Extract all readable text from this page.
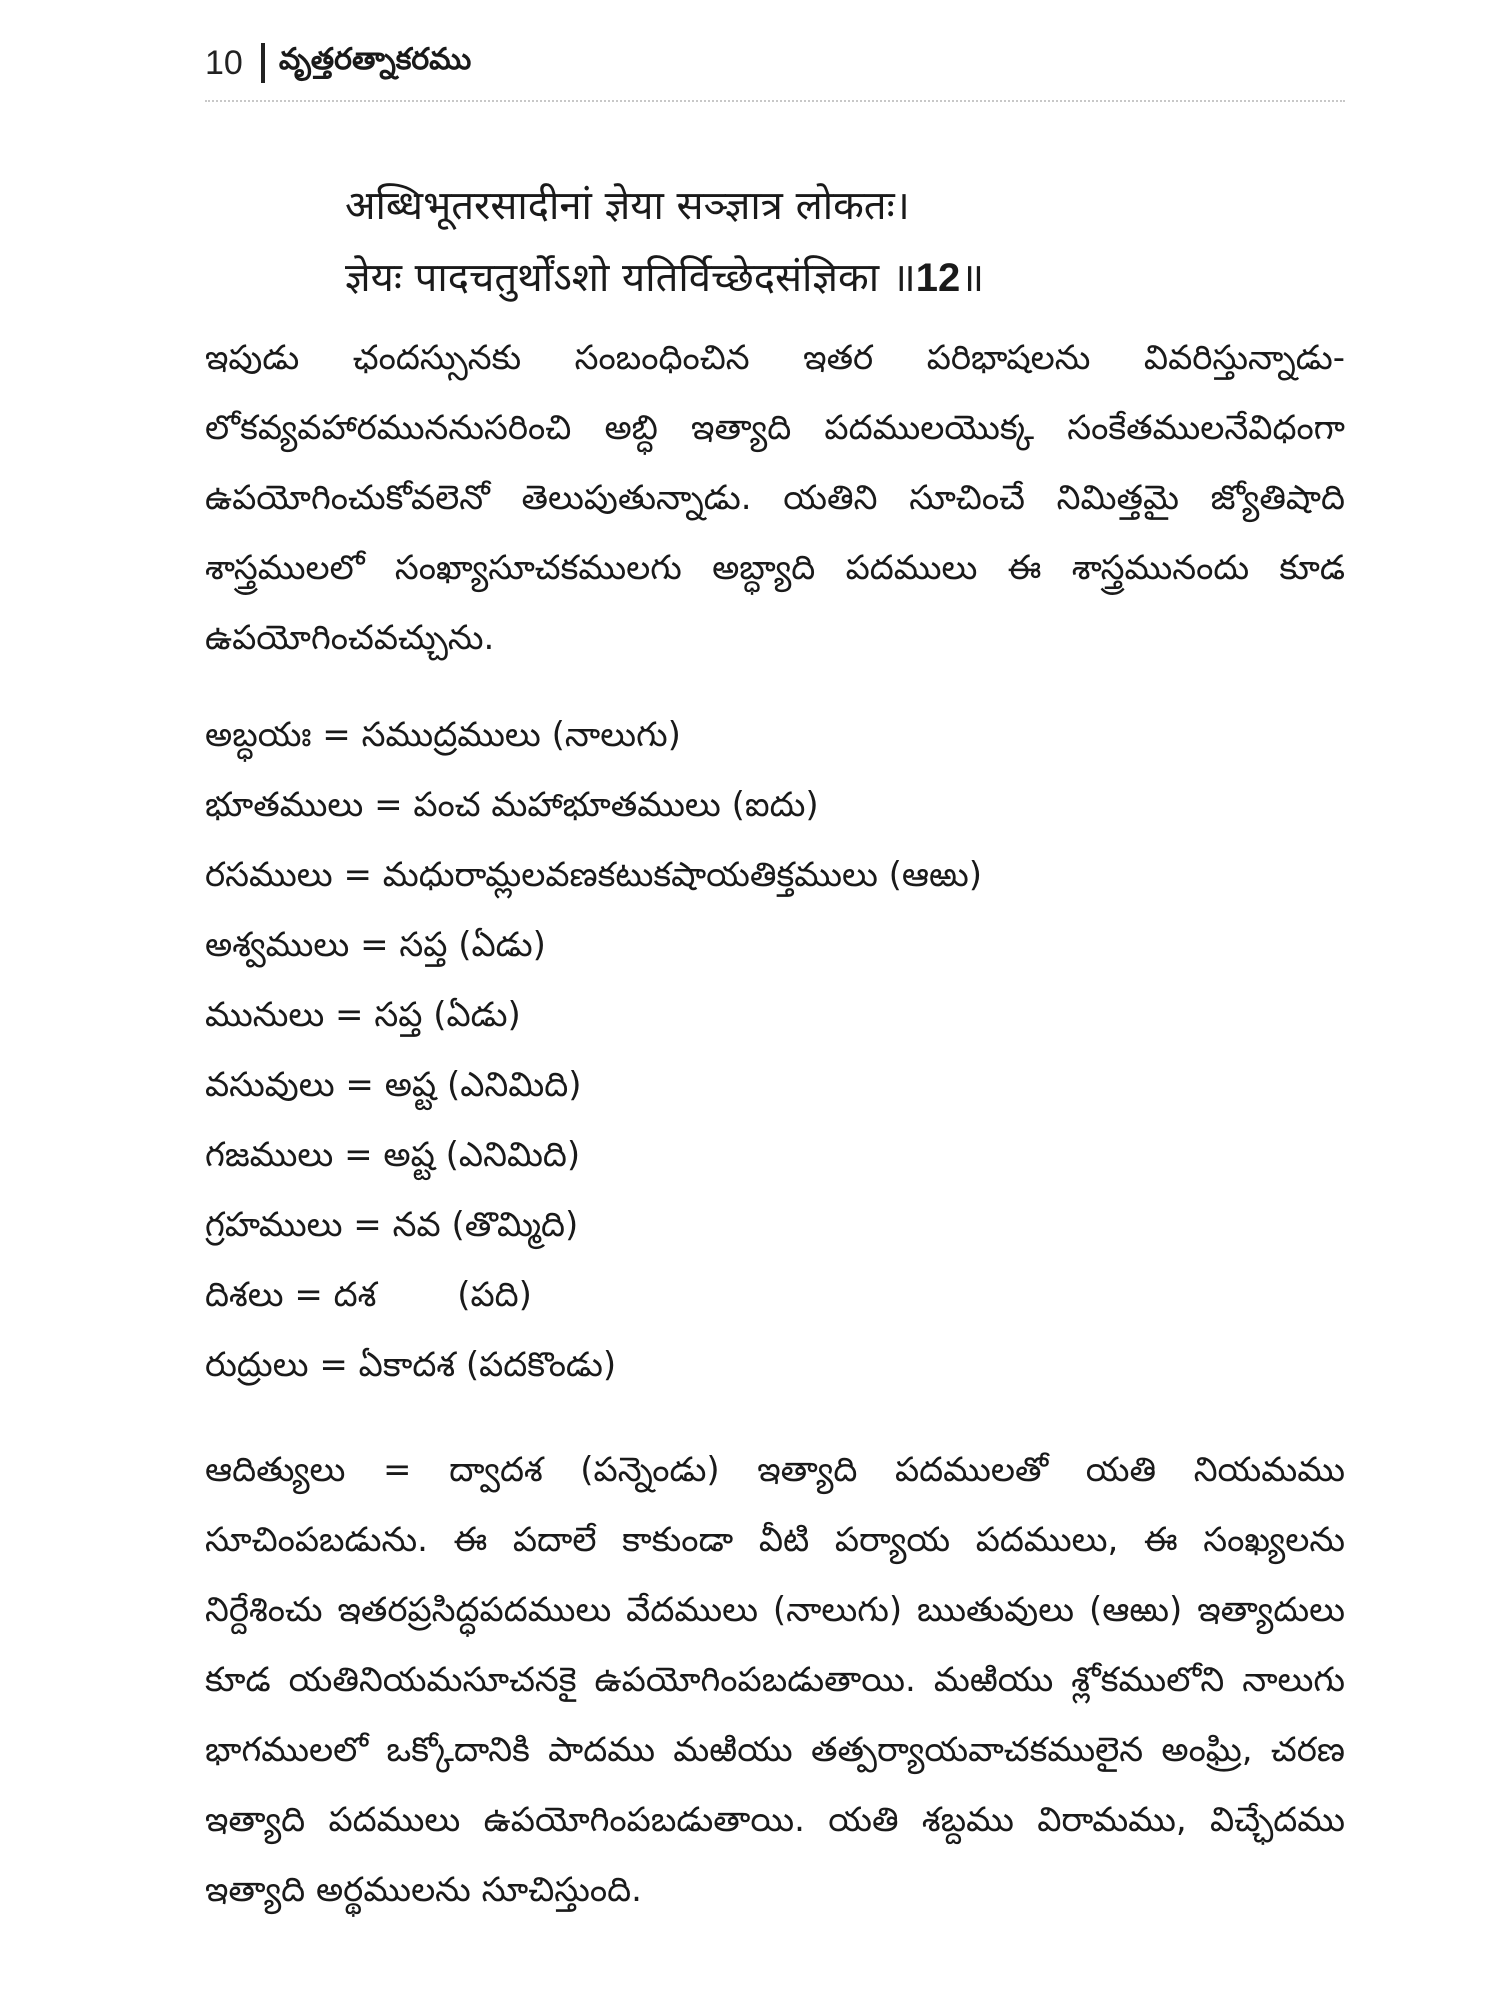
10 వృత్తరత్నాకరము
अब्धिभूतरसादीनां ज्ञेया सञ्ज्ञात्र लोकतः।
ज्ञेयः पादचतुर्थोंऽशो यतिर्विच्छेदसंज्ञिका ॥12॥
ఇపుడు ఛందస్సునకు సంబంధించిన ఇతర పరిభాషలను వివరిస్తున్నాడు- లోకవ్యవహారముననుసరించి అబ్ధి ఇత్యాది పదములయొక్క సంకేతములనేవిధంగా ఉపయోగించుకోవలెనో తెలుపుతున్నాడు. యతిని సూచించే నిమిత్తమై జ్యోతిషాది శాస్త్రములలో సంఖ్యాసూచకములగు అబ్ధ్యాది పదములు ఈ శాస్త్రమునందు కూడ ఉపయోగించవచ్చును.
అబ్ధయః = సముద్రములు (నాలుగు)
భూతములు = పంచ మహాభూతములు (ఐదు)
రసములు = మధురామ్లలవణకటుకషాయతిక్తములు (ఆఱు)
అశ్వములు = సప్త (ఏడు)
మునులు = సప్త (ఏడు)
వసువులు = అష్ట (ఎనిమిది)
గజములు = అష్ట (ఎనిమిది)
గ్రహములు = నవ (తొమ్మిది)
దిశలు = దశ (పది)
రుద్రులు = ఏకాదశ (పదకొండు)
ఆదిత్యులు = ద్వాదశ (పన్నెండు) ఇత్యాది పదములతో యతి నియమము సూచింపబడును. ఈ పదాలే కాకుండా వీటి పర్యాయ పదములు, ఈ సంఖ్యలను నిర్దేశించు ఇతరప్రసిద్ధపదములు వేదములు (నాలుగు) ఋతువులు (ఆఱు) ఇత్యాదులు కూడ యతినియమసూచనకై ఉపయోగింపబడుతాయి. మఱియు శ్లోకములోని నాలుగు భాగములలో ఒక్కోదానికి పాదము మఱియు తత్పర్యాయవాచకములైన అంఘ్రి, చరణ ఇత్యాది పదములు ఉపయోగింపబడుతాయి. యతి శబ్దము విరామము, విచ్ఛేదము ఇత్యాది అర్థములను సూచిస్తుంది.
